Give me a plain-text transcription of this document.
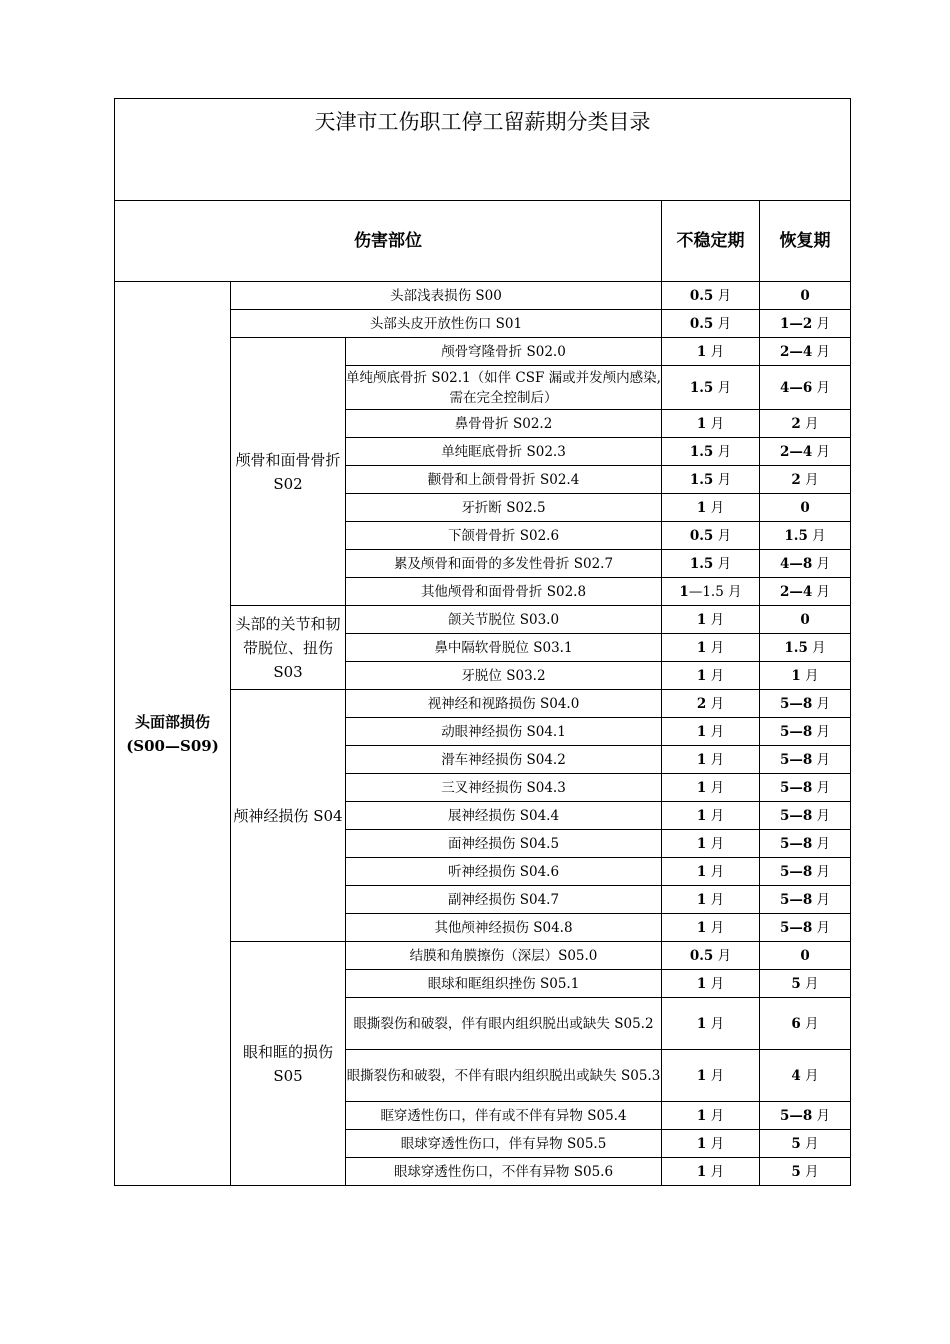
天津市工伤职工停工留薪期分类目录				
伤害部位			不稳定期	恢复期

头面部损伤
(S00—S09)	头部浅表损伤 S00		0.5 月	0
	头部头皮开放性伤口 S01		0.5 月	1—2 月
	颅骨和面骨骨折 S02	颅骨穹隆骨折 S02.0	1 月	2—4 月
		单纯颅底骨折 S02.1（如伴 CSF 漏或并发颅内感染,需在完全控制后）	1.5 月	4—6 月
		鼻骨骨折 S02.2	1 月	2 月
		单纯眶底骨折 S02.3	1.5 月	2—4 月
		颧骨和上颌骨骨折 S02.4	1.5 月	2 月
		牙折断 S02.5	1 月	0
		下颌骨骨折 S02.6	0.5 月	1.5 月
		累及颅骨和面骨的多发性骨折 S02.7	1.5 月	4—8 月
		其他颅骨和面骨骨折 S02.8	1—1.5 月	2—4 月
	头部的关节和韧带脱位、扭伤 S03	颌关节脱位 S03.0	1 月	0
		鼻中隔软骨脱位 S03.1	1 月	1.5 月
		牙脱位 S03.2	1 月	1 月
	颅神经损伤 S04	视神经和视路损伤 S04.0	2 月	5—8 月
		动眼神经损伤 S04.1	1 月	5—8 月
		滑车神经损伤 S04.2	1 月	5—8 月
		三叉神经损伤 S04.3	1 月	5—8 月
		展神经损伤 S04.4	1 月	5—8 月
		面神经损伤 S04.5	1 月	5—8 月
		听神经损伤 S04.6	1 月	5—8 月
		副神经损伤 S04.7	1 月	5—8 月
		其他颅神经损伤 S04.8	1 月	5—8 月
	眼和眶的损伤 S05	结膜和角膜擦伤（深层）S05.0	0.5 月	0
		眼球和眶组织挫伤 S05.1	1 月	5 月
		眼撕裂伤和破裂，伴有眼内组织脱出或缺失 S05.2	1 月	6 月
		眼撕裂伤和破裂，不伴有眼内组织脱出或缺失 S05.3	1 月	4 月
		眶穿透性伤口，伴有或不伴有异物 S05.4	1 月	5—8 月
		眼球穿透性伤口，伴有异物 S05.5	1 月	5 月
		眼球穿透性伤口，不伴有异物 S05.6	1 月	5 月
